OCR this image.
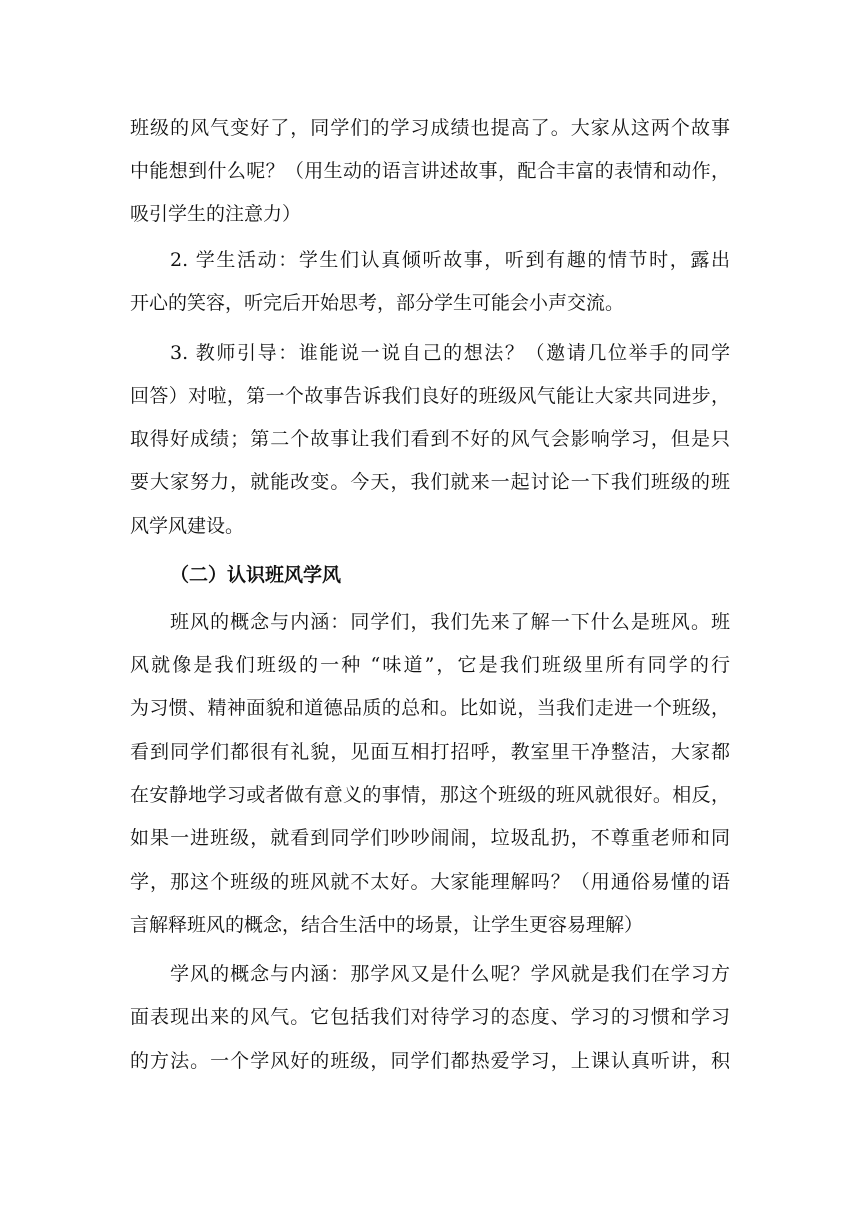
班级的风气变好了，同学们的学习成绩也提高了。大家从这两个故事
中能想到什么呢？（用生动的语言讲述故事，配合丰富的表情和动作，
吸引学生的注意力）
2. 学生活动：学生们认真倾听故事，听到有趣的情节时，露出
开心的笑容，听完后开始思考，部分学生可能会小声交流。
3. 教师引导：谁能说一说自己的想法？（邀请几位举手的同学
回答）对啦，第一个故事告诉我们良好的班级风气能让大家共同进步，
取得好成绩；第二个故事让我们看到不好的风气会影响学习，但是只
要大家努力，就能改变。今天，我们就来一起讨论一下我们班级的班
风学风建设。
（二）认识班风学风
班风的概念与内涵：同学们，我们先来了解一下什么是班风。班
风就像是我们班级的一种 “味道”，它是我们班级里所有同学的行
为习惯、精神面貌和道德品质的总和。比如说，当我们走进一个班级，
看到同学们都很有礼貌，见面互相打招呼，教室里干净整洁，大家都
在安静地学习或者做有意义的事情，那这个班级的班风就很好。相反，
如果一进班级，就看到同学们吵吵闹闹，垃圾乱扔，不尊重老师和同
学，那这个班级的班风就不太好。大家能理解吗？（用通俗易懂的语
言解释班风的概念，结合生活中的场景，让学生更容易理解）
学风的概念与内涵：那学风又是什么呢？学风就是我们在学习方
面表现出来的风气。它包括我们对待学习的态度、学习的习惯和学习
的方法。一个学风好的班级，同学们都热爱学习，上课认真听讲，积
